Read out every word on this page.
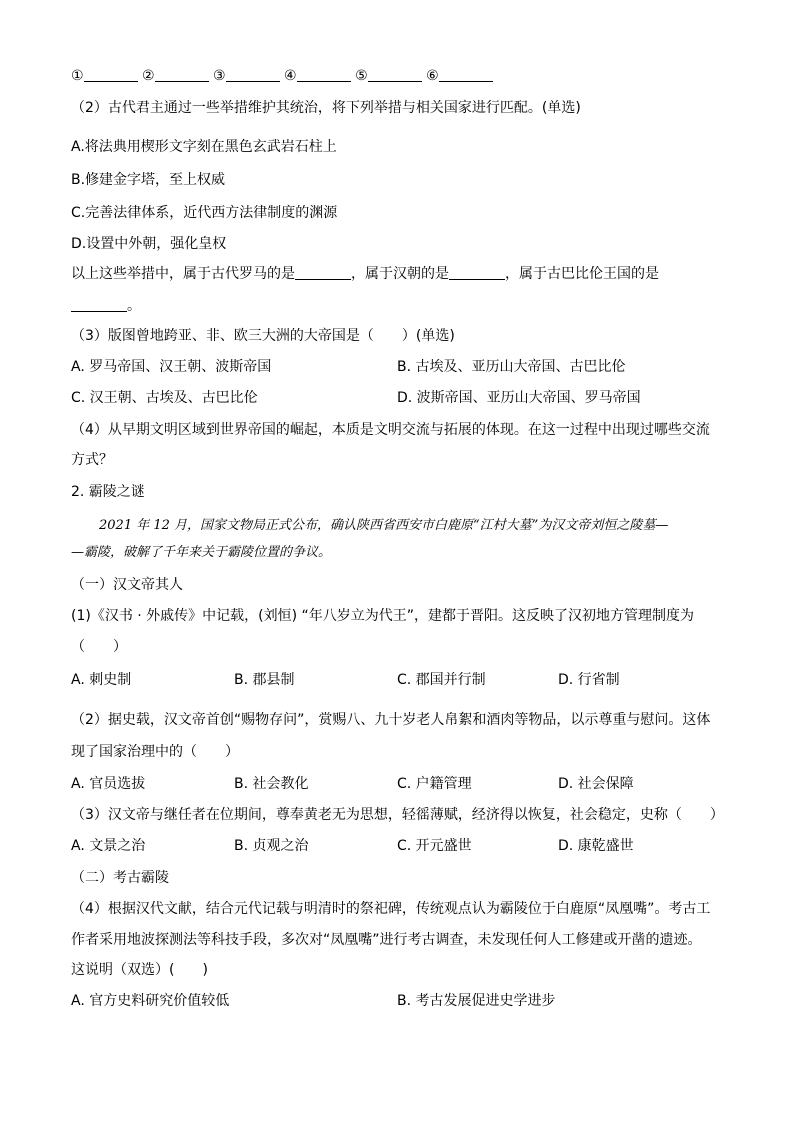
①	②	③	④	⑤	⑥
（2）古代君主通过一些举措维护其统治，将下列举措与相关国家进行匹配。(单选)
A.将法典用楔形文字刻在黑色玄武岩石柱上
B.修建金字塔，至上权威
C.完善法律体系，近代西方法律制度的渊源
D.设置中外朝，强化皇权
以上这些举措中，属于古代罗马的是	，属于汉朝的是	，属于古巴比伦王国的是
。
（3）版图曾地跨亚、非、欧三大洲的大帝国是（　　）(单选)
A. 罗马帝国、汉王朝、波斯帝国	B. 古埃及、亚历山大帝国、古巴比伦
C. 汉王朝、古埃及、古巴比伦	D. 波斯帝国、亚历山大帝国、罗马帝国
（4）从早期文明区域到世界帝国的崛起，本质是文明交流与拓展的体现。在这一过程中出现过哪些交流
方式？
2. 霸陵之谜
2021 年 12 月，国家文物局正式公布，确认陕西省西安市白鹿原“江村大墓”为汉文帝刘恒之陵墓—
—霸陵，破解了千年来关于霸陵位置的争议。
（一）汉文帝其人
(1)《汉书 · 外戚传》中记载，(刘恒) “年八岁立为代王”，建都于晋阳。这反映了汉初地方管理制度为
（　　）
A. 刺史制	B. 郡县制	C. 郡国并行制	D. 行省制
（2）据史载，汉文帝首创“赐物存问”，赏赐八、九十岁老人帛絮和酒肉等物品，以示尊重与慰问。这体
现了国家治理中的（　　）
A. 官员选拔	B. 社会教化	C. 户籍管理	D. 社会保障
（3）汉文帝与继任者在位期间，尊奉黄老无为思想，轻徭薄赋，经济得以恢复，社会稳定，史称（　　）
A. 文景之治	B. 贞观之治	C. 开元盛世	D. 康乾盛世
（二）考古霸陵
（4）根据汉代文献，结合元代记载与明清时的祭祀碑，传统观点认为霸陵位于白鹿原“凤凰嘴”。考古工
作者采用地波探测法等科技手段，多次对“凤凰嘴”进行考古调查，未发现任何人工修建或开凿的遗迹。
这说明（双选）(　　)
A. 官方史料研究价值较低	B. 考古发展促进史学进步
